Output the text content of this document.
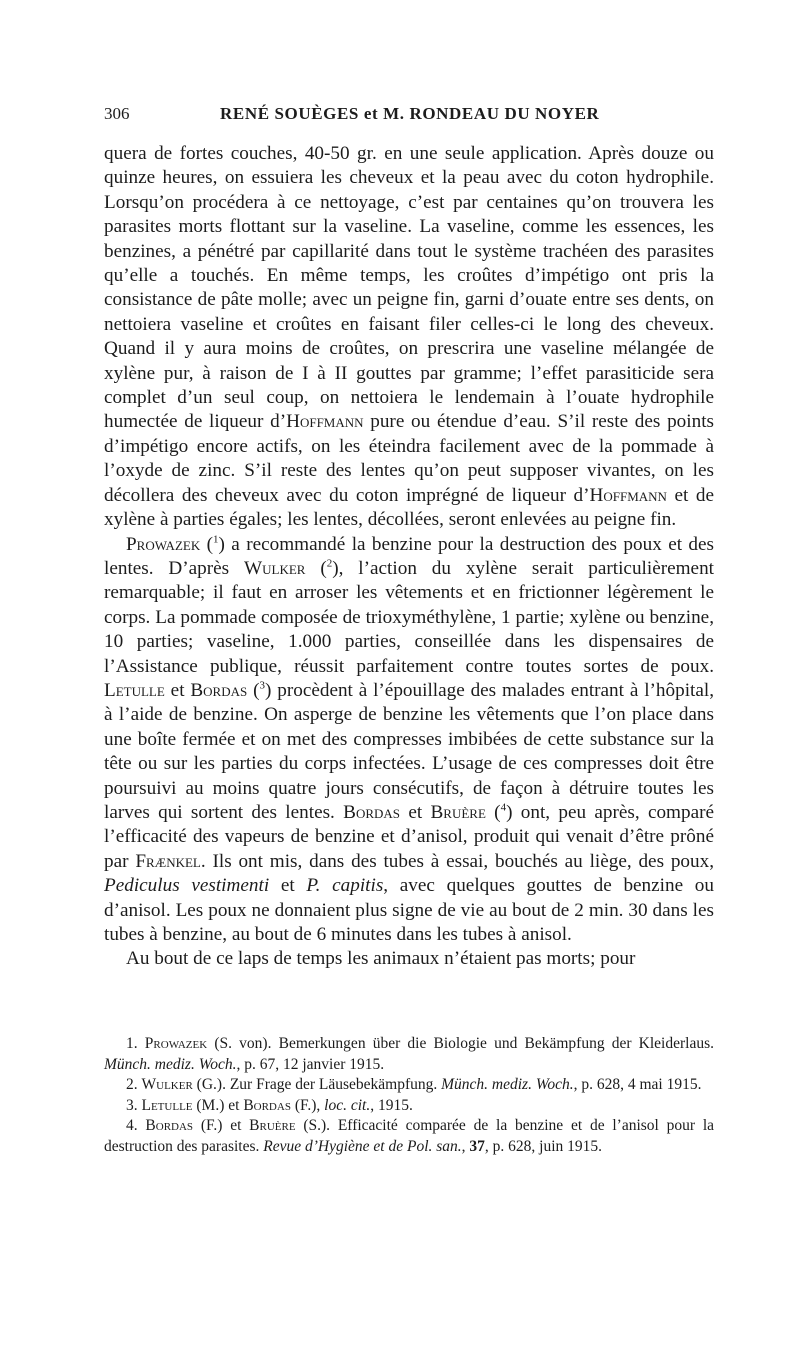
306	RENÉ SOUÈGES et M. RONDEAU DU NOYER

quera de fortes couches, 40-50 gr. en une seule application. Après douze ou quinze heures, on essuiera les cheveux et la peau avec du coton hydrophile. Lorsqu’on procédera à ce nettoyage, c’est par centaines qu’on trouvera les parasites morts flottant sur la vaseline. La vaseline, comme les essences, les benzines, a pénétré par capillarité dans tout le système trachéen des parasites qu’elle a touchés. En même temps, les croûtes d’impétigo ont pris la consistance de pâte molle; avec un peigne fin, garni d’ouate entre ses dents, on nettoiera vaseline et croûtes en faisant filer celles-ci le long des cheveux. Quand il y aura moins de croûtes, on prescrira une vaseline mélangée de xylène pur, à raison de I à II gouttes par gramme; l’effet parasiticide sera complet d’un seul coup, on nettoiera le lendemain à l’ouate hydrophile humectée de liqueur d’Hoffmann pure ou étendue d’eau. S’il reste des points d’impétigo encore actifs, on les éteindra facilement avec de la pommade à l’oxyde de zinc. S’il reste des lentes qu’on peut supposer vivantes, on les décollera des cheveux avec du coton imprégné de liqueur d’Hoffmann et de xylène à parties égales; les lentes, décollées, seront enlevées au peigne fin.

Prowazek ($^1$) a recommandé la benzine pour la destruction des poux et des lentes. D’après Wulker ($^2$), l’action du xylène serait particulièrement remarquable; il faut en arroser les vêtements et en frictionner légèrement le corps. La pommade composée de trioxyméthylène, 1 partie; xylène ou benzine, 10 parties; vaseline, 1.000 parties, conseillée dans les dispensaires de l’Assistance publique, réussit parfaitement contre toutes sortes de poux. Letulle et Bordas ($^3$) procèdent à l’épouillage des malades entrant à l’hôpital, à l’aide de benzine. On asperge de benzine les vêtements que l’on place dans une boîte fermée et on met des compresses imbibées de cette substance sur la tête ou sur les parties du corps infectées. L’usage de ces compresses doit être poursuivi au moins quatre jours consécutifs, de façon à détruire toutes les larves qui sortent des lentes. Bordas et Bruère ($^4$) ont, peu après, comparé l’efficacité des vapeurs de benzine et d’anisol, produit qui venait d’être prôné par Frænkel. Ils ont mis, dans des tubes à essai, bouchés au liège, des poux, Pediculus vestimenti et P. capitis, avec quelques gouttes de benzine ou d’anisol. Les poux ne donnaient plus signe de vie au bout de 2 min. 30 dans les tubes à benzine, au bout de 6 minutes dans les tubes à anisol.

Au bout de ce laps de temps les animaux n’étaient pas morts; pour

1. Prowazek (S. von). Bemerkungen über die Biologie und Bekämpfung der Kleiderlaus. Münch. mediz. Woch., p. 67, 12 janvier 1915.

2. Wulker (G.). Zur Frage der Läusebekämpfung. Münch. mediz. Woch., p. 628, 4 mai 1915.

3. Letulle (M.) et Bordas (F.), loc. cit., 1915.

4. Bordas (F.) et Bruère (S.). Efficacité comparée de la benzine et de l’anisol pour la destruction des parasites. Revue d’Hygiène et de Pol. san., 37, p. 628, juin 1915.
